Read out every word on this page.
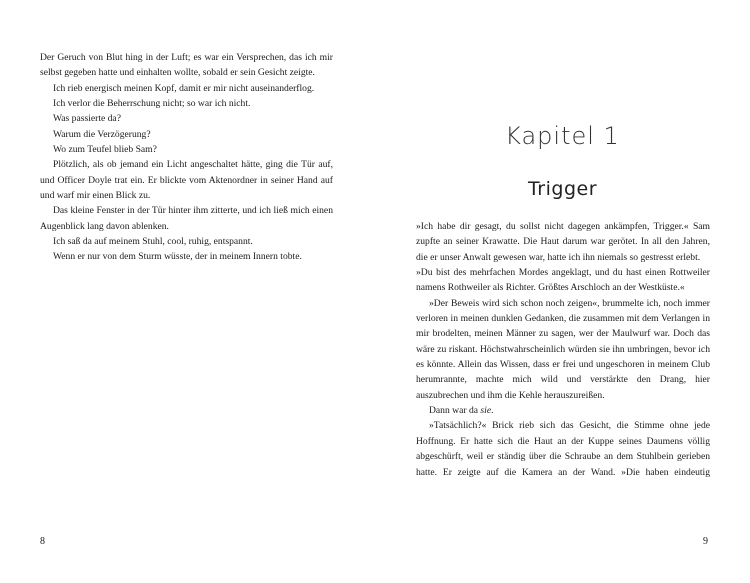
Der Geruch von Blut hing in der Luft; es war ein Versprechen, das ich mir selbst gegeben hatte und einhalten wollte, sobald er sein Gesicht zeigte.

Ich rieb energisch meinen Kopf, damit er mir nicht auseinanderflog.

Ich verlor die Beherrschung nicht; so war ich nicht.

Was passierte da?

Warum die Verzögerung?

Wo zum Teufel blieb Sam?

Plötzlich, als ob jemand ein Licht angeschaltet hätte, ging die Tür auf, und Officer Doyle trat ein. Er blickte vom Aktenordner in seiner Hand auf und warf mir einen Blick zu.

Das kleine Fenster in der Tür hinter ihm zitterte, und ich ließ mich einen Augenblick lang davon ablenken.

Ich saß da auf meinem Stuhl, cool, ruhig, entspannt.

Wenn er nur von dem Sturm wüsste, der in meinem Innern tobte.

8
Kapitel 1
Trigger

»Ich habe dir gesagt, du sollst nicht dagegen ankämpfen, Trigger.« Sam zupfte an seiner Krawatte. Die Haut darum war gerötet. In all den Jahren, die er unser Anwalt gewesen war, hatte ich ihn niemals so gestresst erlebt.

»Du bist des mehrfachen Mordes angeklagt, und du hast einen Rottweiler namens Rothweiler als Richter. Größtes Arschloch an der Westküste.«

»Der Beweis wird sich schon noch zeigen«, brummelte ich, noch immer verloren in meinen dunklen Gedanken, die zusammen mit dem Verlangen in mir brodelten, meinen Männer zu sagen, wer der Maulwurf war. Doch das wäre zu riskant. Höchstwahrscheinlich würden sie ihn umbringen, bevor ich es könnte. Allein das Wissen, dass er frei und ungeschoren in meinem Club herumrannte, machte mich wild und verstärkte den Drang, hier auszubrechen und ihm die Kehle herauszureißen.

Dann war da sie.

»Tatsächlich?« Brick rieb sich das Gesicht, die Stimme ohne jede Hoffnung. Er hatte sich die Haut an der Kuppe seines Daumens völlig abgeschürft, weil er ständig über die Schraube an dem Stuhlbein gerieben hatte. Er zeigte auf die Kamera an der Wand. »Die haben eindeutig

9
